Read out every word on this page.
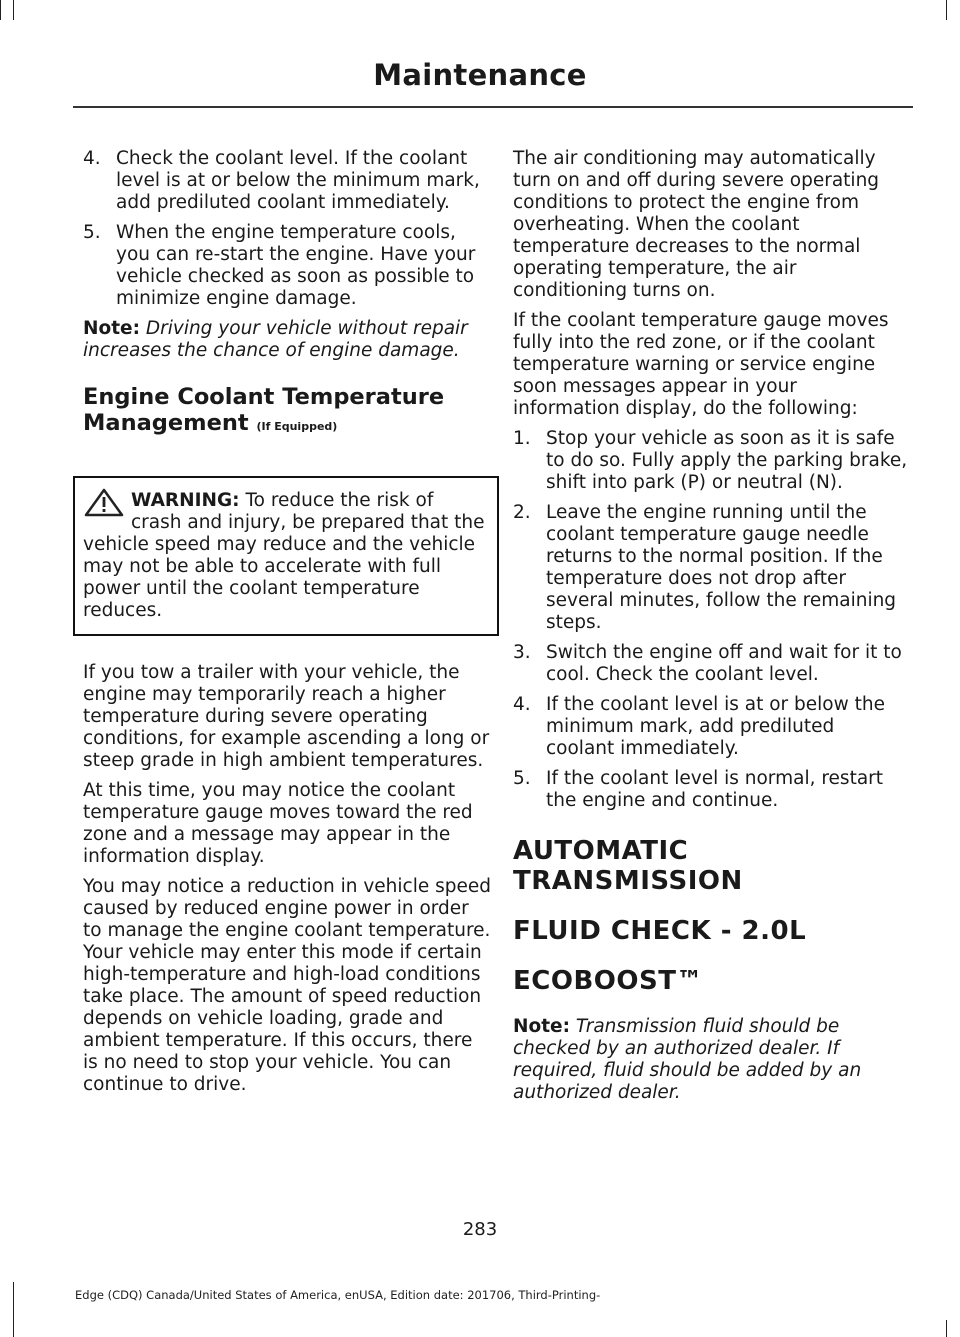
Maintenance
4. Check the coolant level. If the coolant level is at or below the minimum mark, add prediluted coolant immediately.
5. When the engine temperature cools, you can re-start the engine. Have your vehicle checked as soon as possible to minimize engine damage.

Note: Driving your vehicle without repair increases the chance of engine damage.

Engine Coolant Temperature Management (If Equipped)
WARNING: To reduce the risk of crash and injury, be prepared that the vehicle speed may reduce and the vehicle may not be able to accelerate with full power until the coolant temperature reduces.

If you tow a trailer with your vehicle, the engine may temporarily reach a higher temperature during severe operating conditions, for example ascending a long or steep grade in high ambient temperatures.

At this time, you may notice the coolant temperature gauge moves toward the red zone and a message may appear in the information display.

You may notice a reduction in vehicle speed caused by reduced engine power in order to manage the engine coolant temperature. Your vehicle may enter this mode if certain high-temperature and high-load conditions take place. The amount of speed reduction depends on vehicle loading, grade and ambient temperature. If this occurs, there is no need to stop your vehicle. You can continue to drive.

The air conditioning may automatically turn on and off during severe operating conditions to protect the engine from overheating. When the coolant temperature decreases to the normal operating temperature, the air conditioning turns on.

If the coolant temperature gauge moves fully into the red zone, or if the coolant temperature warning or service engine soon messages appear in your information display, do the following:

1. Stop your vehicle as soon as it is safe to do so. Fully apply the parking brake, shift into park (P) or neutral (N).
2. Leave the engine running until the coolant temperature gauge needle returns to the normal position. If the temperature does not drop after several minutes, follow the remaining steps.
3. Switch the engine off and wait for it to cool. Check the coolant level.
4. If the coolant level is at or below the minimum mark, add prediluted coolant immediately.
5. If the coolant level is normal, restart the engine and continue.
AUTOMATIC TRANSMISSION
FLUID CHECK - 2.0L
ECOBOOST™

Note: Transmission fluid should be checked by an authorized dealer. If required, fluid should be added by an authorized dealer.

283
Edge (CDQ) Canada/United States of America, enUSA, Edition date: 201706, Third-Printing-
